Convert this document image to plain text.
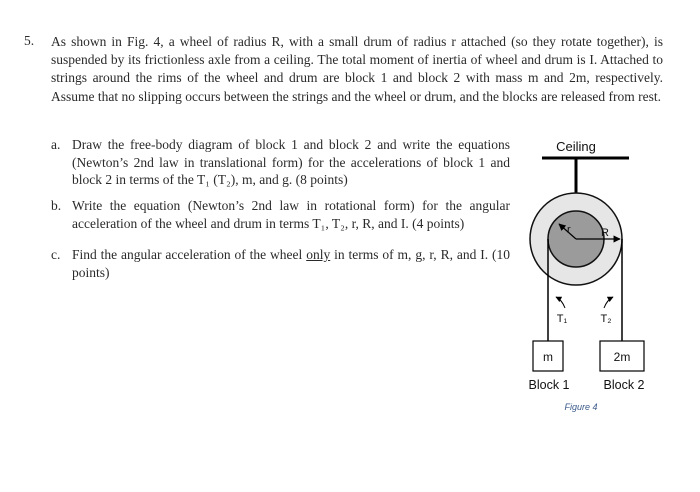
5. As shown in Fig. 4, a wheel of radius R, with a small drum of radius r attached (so they rotate together), is suspended by its frictionless axle from a ceiling. The total moment of inertia of wheel and drum is I. Attached to strings around the rims of the wheel and drum are block 1 and block 2 with mass m and 2m, respectively. Assume that no slipping occurs between the strings and the wheel or drum, and the blocks are released from rest.
a. Draw the free-body diagram of block 1 and block 2 and write the equations (Newton’s 2nd law in translational form) for the accelerations of block 1 and block 2 in terms of the T₁ (T₂), m, and g. (8 points)
b. Write the equation (Newton’s 2nd law in rotational form) for the angular acceleration of the wheel and drum in terms T₁, T₂, r, R, and I. (4 points)
c. Find the angular acceleration of the wheel only in terms of m, g, r, R, and I. (10 points)
Ceiling
r	R
T₁	T₂
m	2m
Block 1	Block 2
Figure 4
